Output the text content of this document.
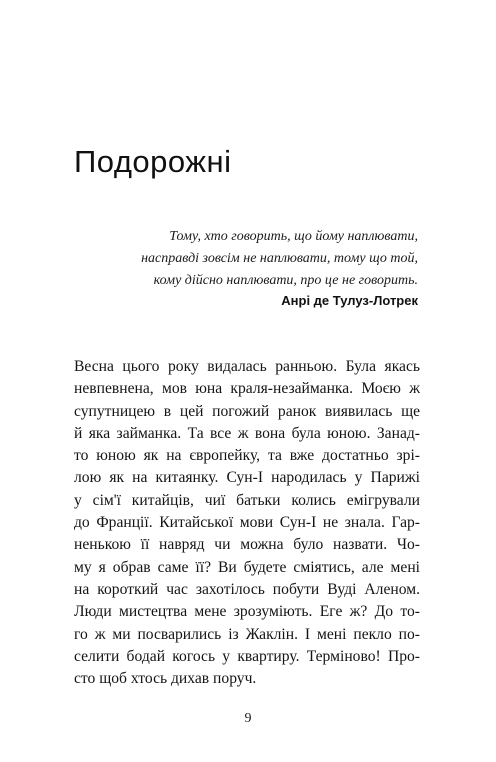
Подорожні
Тому, хто говорить, що йому наплювати,
насправді зовсім не наплювати, тому що той,
кому дійсно наплювати, про це не говорить.
Анрі де Тулуз-Лотрек
Весна цього року видалась ранньою. Була якась
невпевнена, мов юна краля-незайманка. Моєю ж
супутницею в цей погожий ранок виявилась ще
й яка займанка. Та все ж вона була юною. Занад-
то юною як на європейку, та вже достатньо зрі-
лою як на китаянку. Сун-І народилась у Парижі
у сім'ї китайців, чиї батьки колись емігрували
до Франції. Китайської мови Сун-І не знала. Гар-
ненькою її навряд чи можна було назвати. Чо-
му я обрав саме її? Ви будете сміятись, але мені
на короткий час захотілось побути Вуді Аленом.
Люди мистецтва мене зрозуміють. Еге ж? До то-
го ж ми посварились із Жаклін. І мені пекло по-
селити бодай когось у квартиру. Терміново! Про-
сто щоб хтось дихав поруч.
9
